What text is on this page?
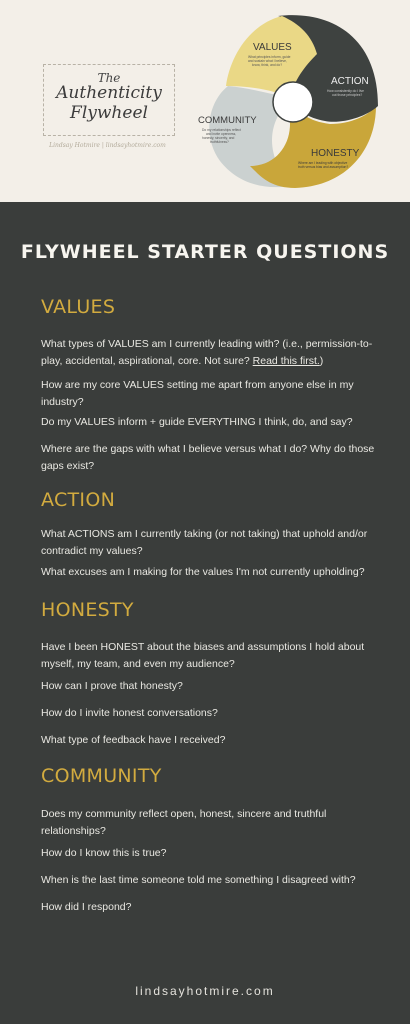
The
Authenticity
Flywheel
Lindsay Hotmire | lindsayhotmire.com
VALUES
What principles inform, guide
and sustain what I believe,
know, think, and do?
ACTION
How consistently do I live
out those principles?
HONESTY
Where am I leading with objective
truth versus bias and assumption?
COMMUNITY
Do my relationships reflect
and invite openness,
honesty, sincerity, and
truthfulness?
FLYWHEEL STARTER QUESTIONS
VALUES
What types of VALUES am I currently leading with? (i.e., permission-to-play, accidental, aspirational, core. Not sure? Read this first.)
How are my core VALUES setting me apart from anyone else in my industry?
Do my VALUES inform + guide EVERYTHING I think, do, and say?
Where are the gaps with what I believe versus what I do? Why do those gaps exist?
ACTION
What ACTIONS am I currently taking (or not taking) that uphold and/or contradict my values?
What excuses am I making for the values I'm not currently upholding?
HONESTY
Have I been HONEST about the biases and assumptions I hold about myself, my team, and even my audience?
How can I prove that honesty?
How do I invite honest conversations?
What type of feedback have I received?
COMMUNITY
Does my community reflect open, honest, sincere and truthful relationships?
How do I know this is true?
When is the last time someone told me something I disagreed with?
How did I respond?
lindsayhotmire.com
